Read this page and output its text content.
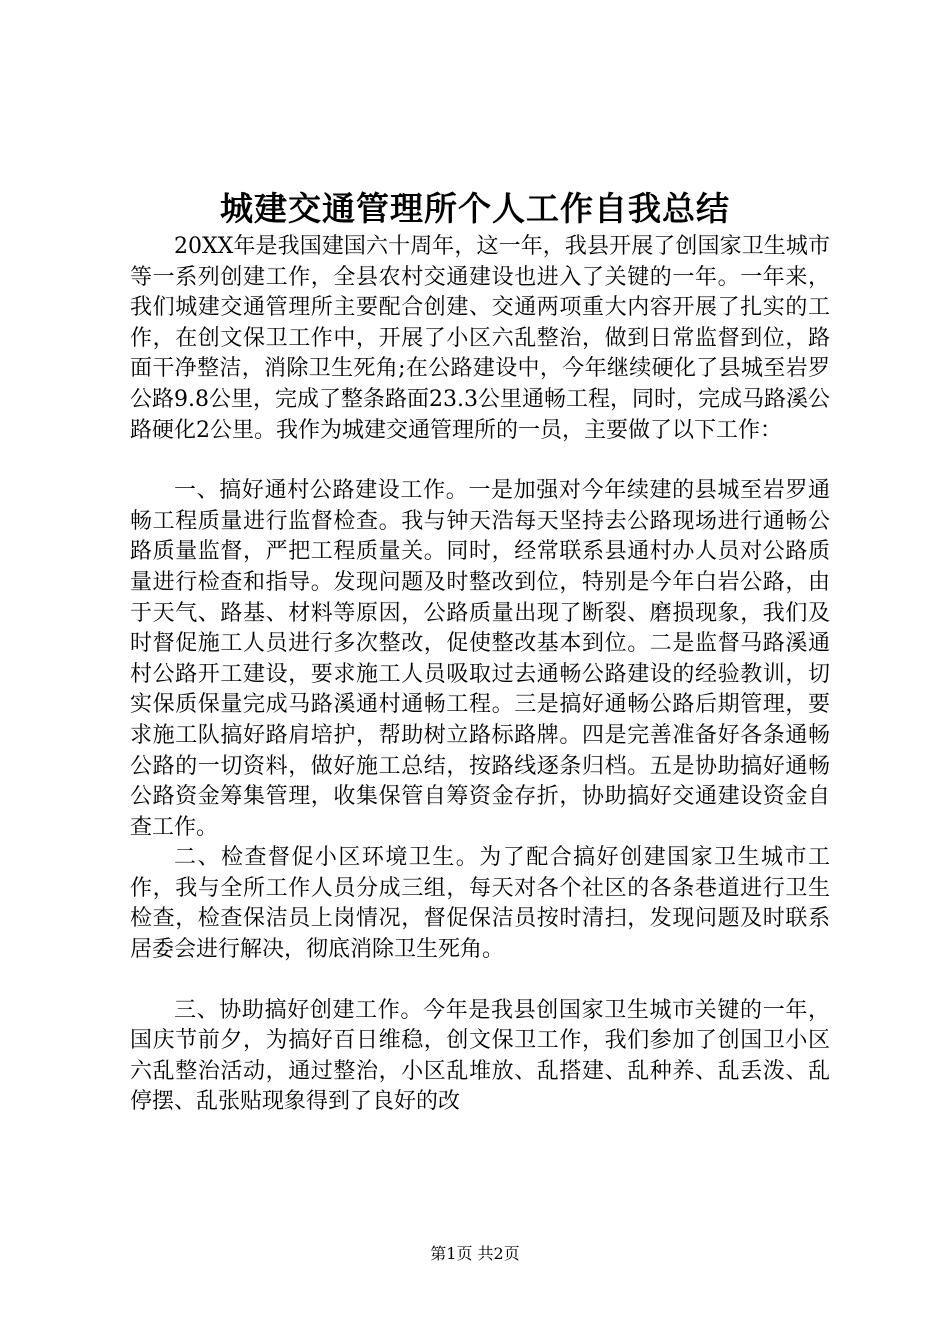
城建交通管理所个人工作自我总结

20XX年是我国建国六十周年，这一年，我县开展了创国家卫生城市等一系列创建工作，全县农村交通建设也进入了关键的一年。一年来，我们城建交通管理所主要配合创建、交通两项重大内容开展了扎实的工作，在创文保卫工作中，开展了小区六乱整治，做到日常监督到位，路面干净整洁，消除卫生死角;在公路建设中，今年继续硬化了县城至岩罗公路9.8公里，完成了整条路面23.3公里通畅工程，同时，完成马路溪公路硬化2公里。我作为城建交通管理所的一员，主要做了以下工作：

一、搞好通村公路建设工作。一是加强对今年续建的县城至岩罗通畅工程质量进行监督检查。我与钟天浩每天坚持去公路现场进行通畅公路质量监督，严把工程质量关。同时，经常联系县通村办人员对公路质量进行检查和指导。发现问题及时整改到位，特别是今年白岩公路，由于天气、路基、材料等原因，公路质量出现了断裂、磨损现象，我们及时督促施工人员进行多次整改，促使整改基本到位。二是监督马路溪通村公路开工建设，要求施工人员吸取过去通畅公路建设的经验教训，切实保质保量完成马路溪通村通畅工程。三是搞好通畅公路后期管理，要求施工队搞好路肩培护，帮助树立路标路牌。四是完善准备好各条通畅公路的一切资料，做好施工总结，按路线逐条归档。五是协助搞好通畅公路资金筹集管理，收集保管自筹资金存折，协助搞好交通建设资金自查工作。

二、检查督促小区环境卫生。为了配合搞好创建国家卫生城市工作，我与全所工作人员分成三组，每天对各个社区的各条巷道进行卫生检查，检查保洁员上岗情况，督促保洁员按时清扫，发现问题及时联系居委会进行解决，彻底消除卫生死角。

三、协助搞好创建工作。今年是我县创国家卫生城市关键的一年，国庆节前夕，为搞好百日维稳，创文保卫工作，我们参加了创国卫小区六乱整治活动，通过整治，小区乱堆放、乱搭建、乱种养、乱丢泼、乱停摆、乱张贴现象得到了良好的改

第1页 共2页
